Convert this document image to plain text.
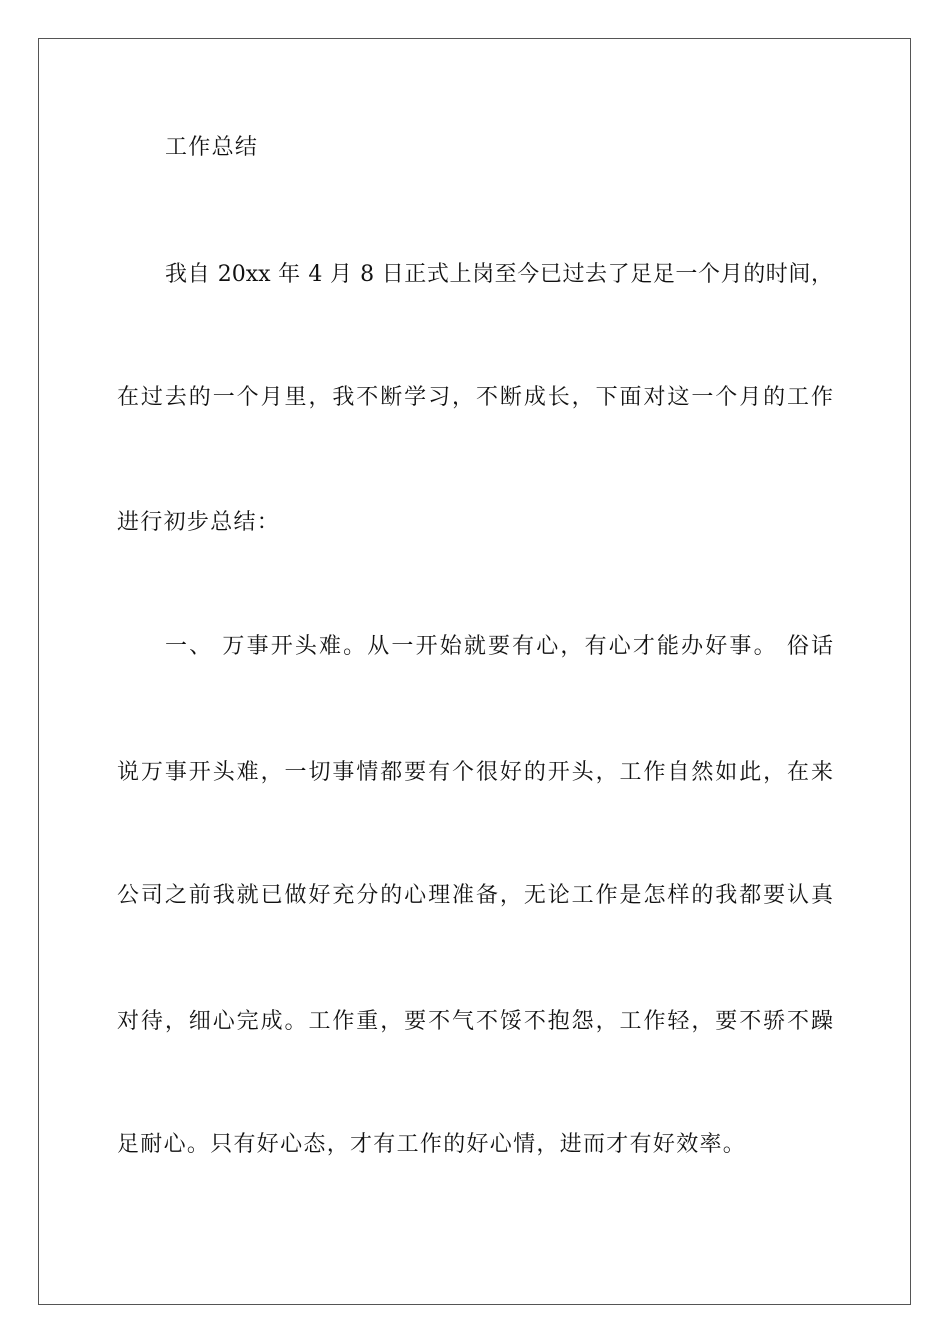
工作总结
我自 20xx 年 4 月 8 日正式上岗至今已过去了足足一个月的时间，
在过去的一个月里，我不断学习，不断成长，下面对这一个月的工作
进行初步总结：
一、 万事开头难。从一开始就要有心，有心才能办好事。 俗话
说万事开头难，一切事情都要有个很好的开头，工作自然如此，在来
公司之前我就已做好充分的心理准备，无论工作是怎样的我都要认真
对待，细心完成。工作重，要不气不馁不抱怨，工作轻，要不骄不躁
足耐心。只有好心态，才有工作的好心情，进而才有好效率。
